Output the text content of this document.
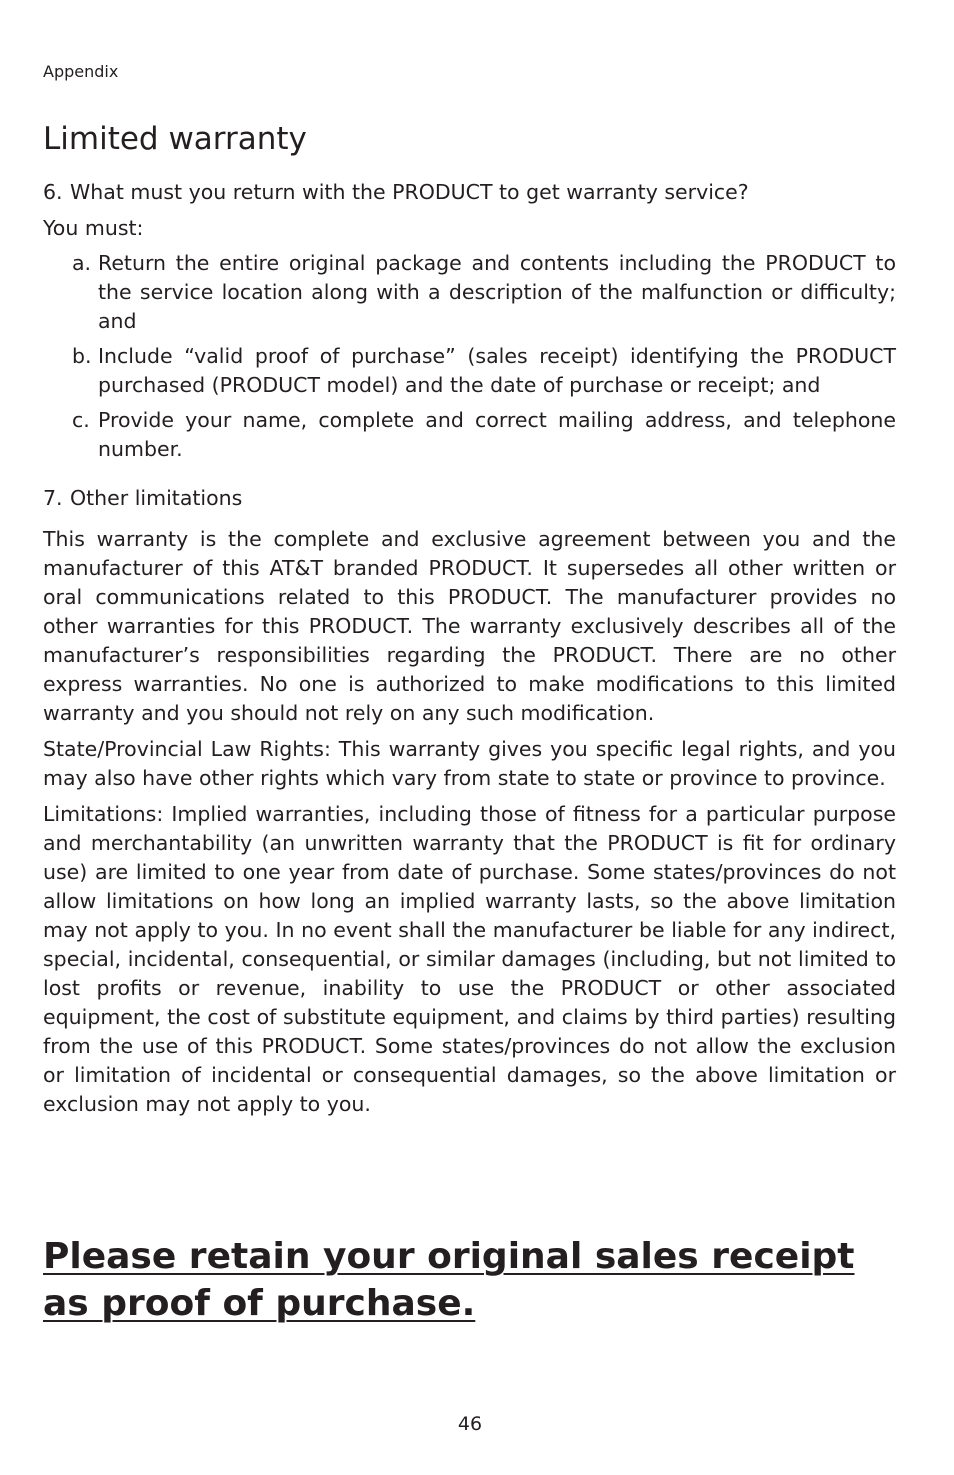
Appendix
Limited warranty
6. What must you return with the PRODUCT to get warranty service?

You must:

a. Return the entire original package and contents including the PRODUCT to the service location along with a description of the malfunction or difficulty; and
b. Include “valid proof of purchase” (sales receipt) identifying the PRODUCT purchased (PRODUCT model) and the date of purchase or receipt; and
c. Provide your name, complete and correct mailing address, and telephone number.
7. Other limitations

This warranty is the complete and exclusive agreement between you and the manufacturer of this AT&T branded PRODUCT. It supersedes all other written or oral communications related to this PRODUCT. The manufacturer provides no other warranties for this PRODUCT. The warranty exclusively describes all of the manufacturer’s responsibilities regarding the PRODUCT. There are no other express warranties. No one is authorized to make modifications to this limited warranty and you should not rely on any such modification.

State/Provincial Law Rights: This warranty gives you specific legal rights, and you may also have other rights which vary from state to state or province to province.

Limitations: Implied warranties, including those of fitness for a particular purpose and merchantability (an unwritten warranty that the PRODUCT is fit for ordinary use) are limited to one year from date of purchase. Some states/provinces do not allow limitations on how long an implied warranty lasts, so the above limitation may not apply to you. In no event shall the manufacturer be liable for any indirect, special, incidental, consequential, or similar damages (including, but not limited to lost profits or revenue, inability to use the PRODUCT or other associated equipment, the cost of substitute equipment, and claims by third parties) resulting from the use of this PRODUCT. Some states/provinces do not allow the exclusion or limitation of incidental or consequential damages, so the above limitation or exclusion may not apply to you.

Please retain your original sales receipt as proof of purchase.
46
